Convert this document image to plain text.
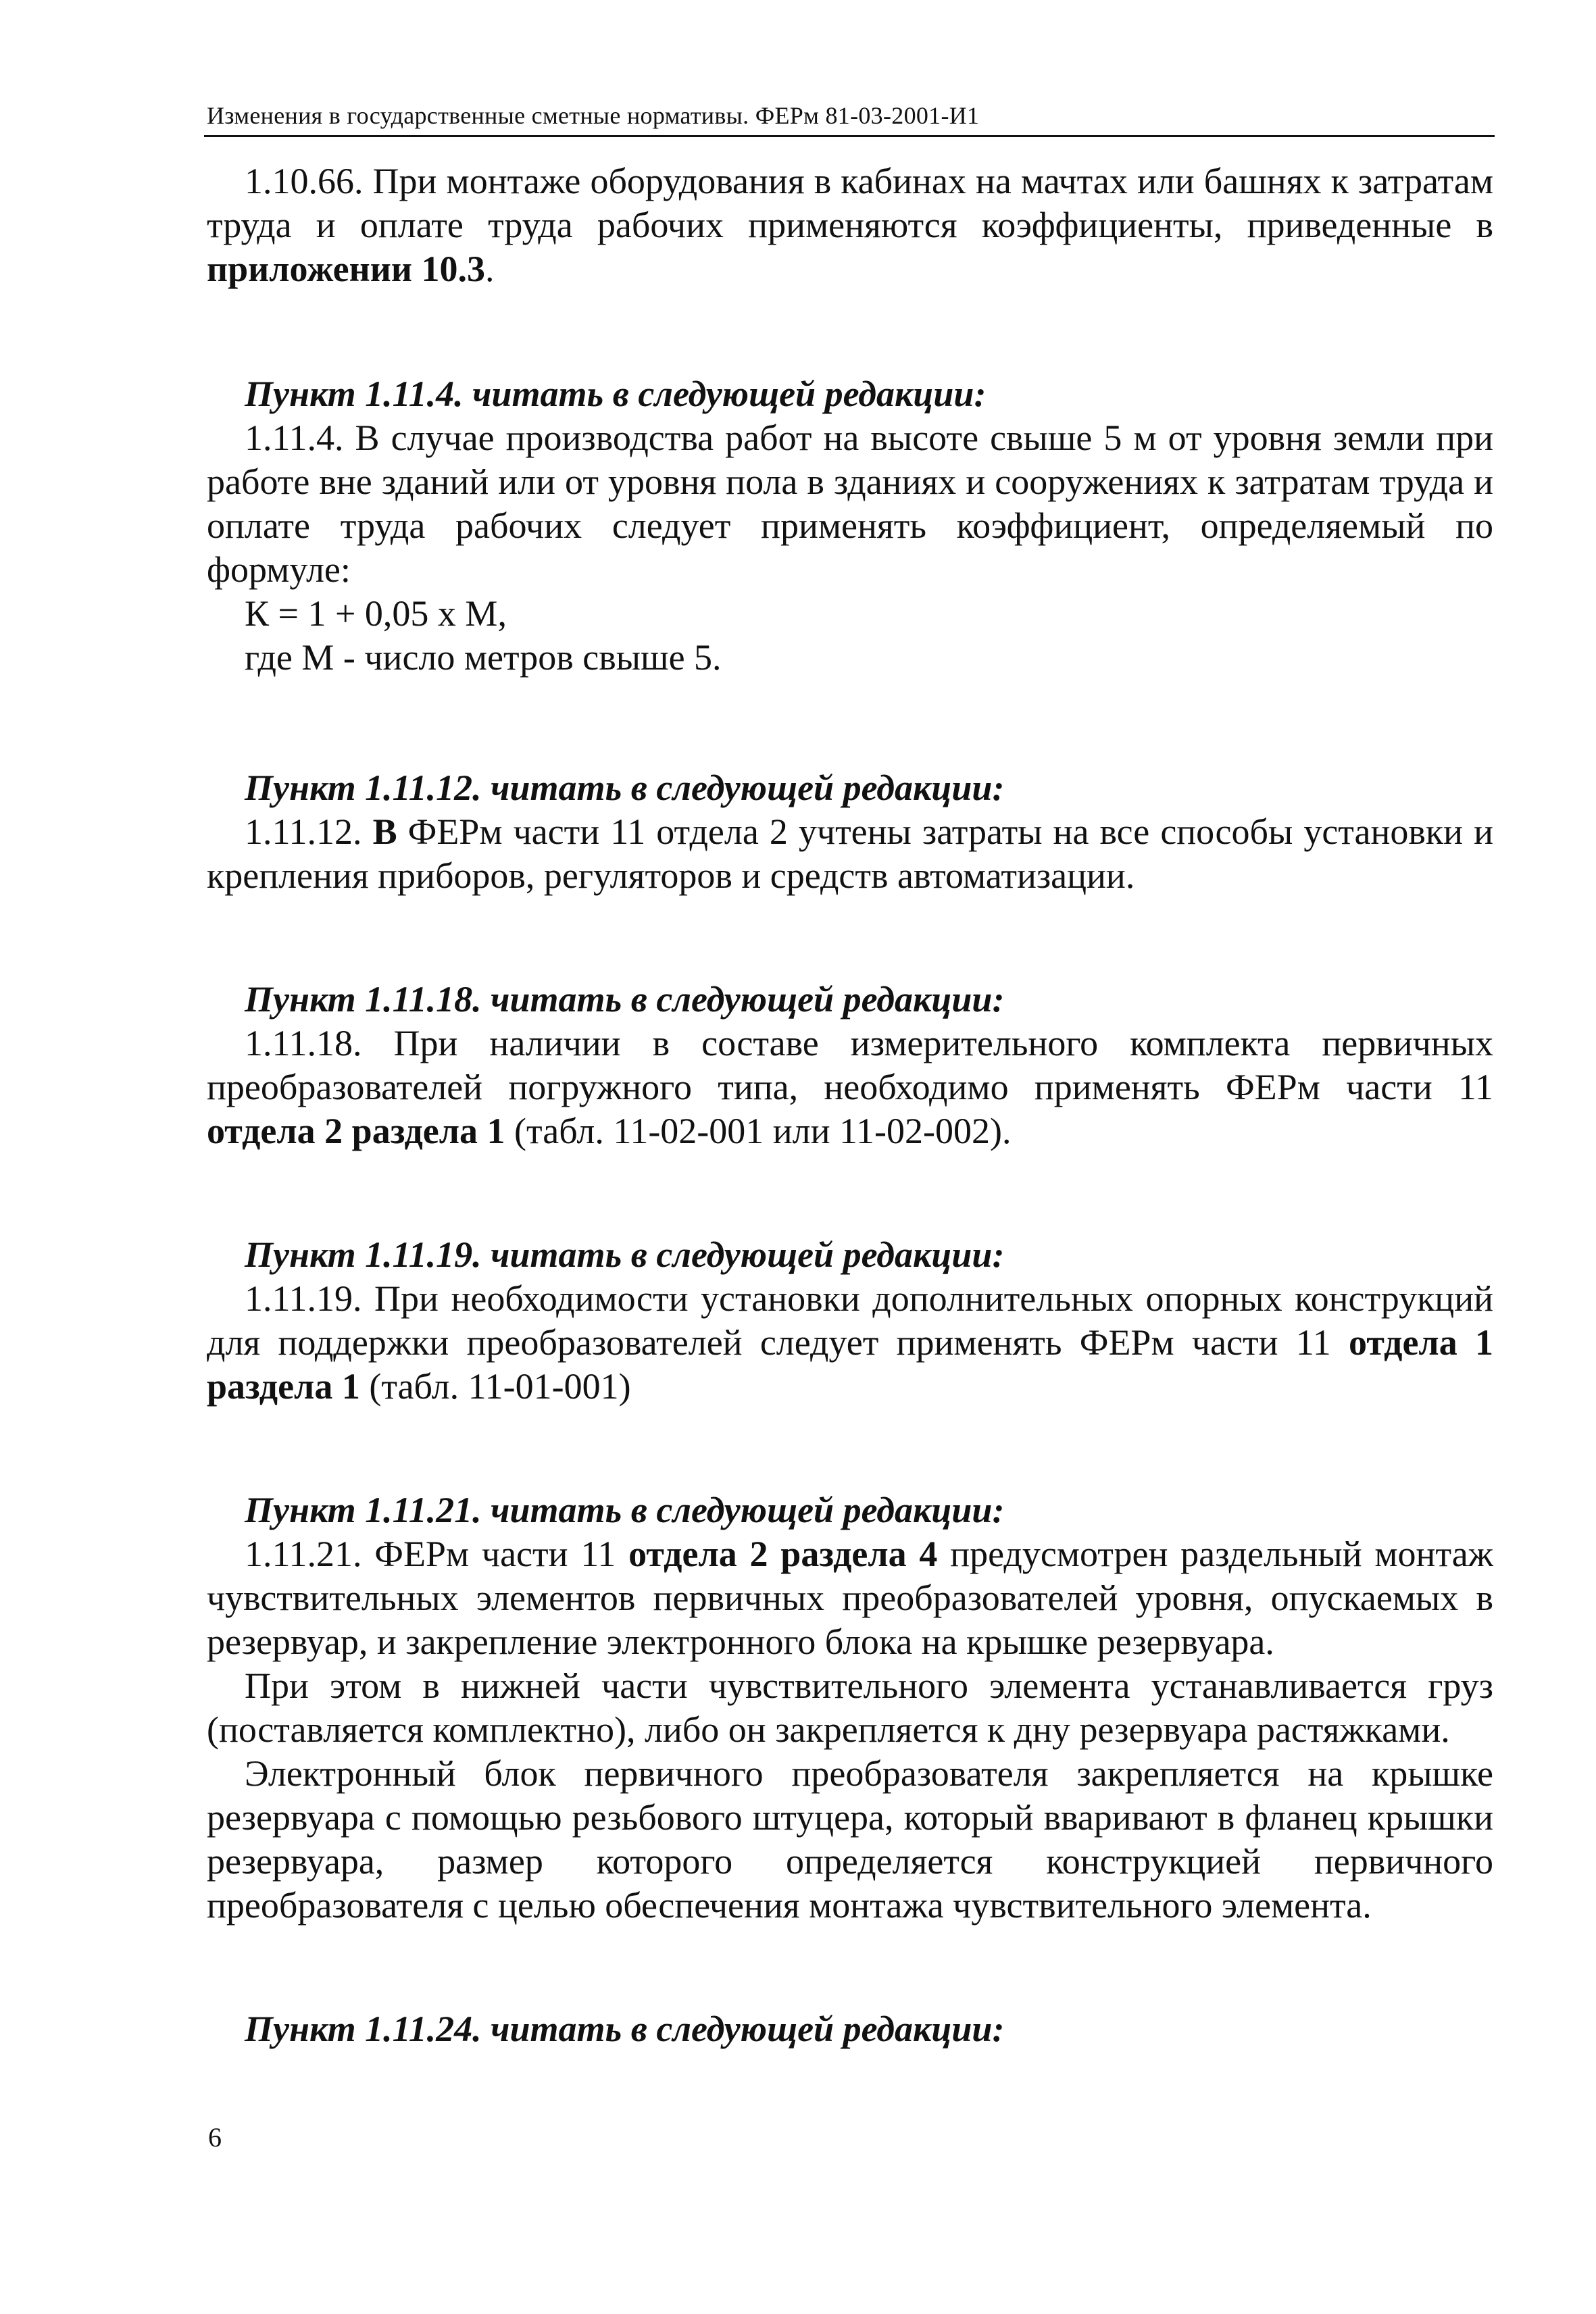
Изменения в государственные сметные нормативы. ФЕРм 81-03-2001-И1

1.10.66. При монтаже оборудования в кабинах на мачтах или башнях к затратам труда и оплате труда рабочих применяются коэффициенты, приведенные в приложении 10.3.

Пункт 1.11.4. читать в следующей редакции:

1.11.4. В случае производства работ на высоте свыше 5 м от уровня земли при работе вне зданий или от уровня пола в зданиях и сооружениях к затратам труда и оплате труда рабочих следует применять коэффициент, определяемый по формуле:

К = 1 + 0,05 х М,

где М - число метров свыше 5.

Пункт 1.11.12. читать в следующей редакции:

1.11.12. В ФЕРм части 11 отдела 2 учтены затраты на все способы установки и крепления приборов, регуляторов и средств автоматизации.

Пункт 1.11.18. читать в следующей редакции:

1.11.18. При наличии в составе измерительного комплекта первичных преобразователей погружного типа, необходимо применять ФЕРм части 11 отдела 2 раздела 1 (табл. 11-02-001 или 11-02-002).

Пункт 1.11.19. читать в следующей редакции:

1.11.19. При необходимости установки дополнительных опорных конструкций для поддержки преобразователей следует применять ФЕРм части 11 отдела 1 раздела 1 (табл. 11-01-001)

Пункт 1.11.21. читать в следующей редакции:

1.11.21. ФЕРм части 11 отдела 2 раздела 4 предусмотрен раздельный монтаж чувствительных элементов первичных преобразователей уровня, опускаемых в резервуар, и закрепление электронного блока на крышке резервуара.

При этом в нижней части чувствительного элемента устанавливается груз (поставляется комплектно), либо он закрепляется к дну резервуара растяжками.

Электронный блок первичного преобразователя закрепляется на крышке резервуара с помощью резьбового штуцера, который вваривают в фланец крышки резервуара, размер которого определяется конструкцией первичного преобразователя с целью обеспечения монтажа чувствительного элемента.

Пункт 1.11.24. читать в следующей редакции:

6
